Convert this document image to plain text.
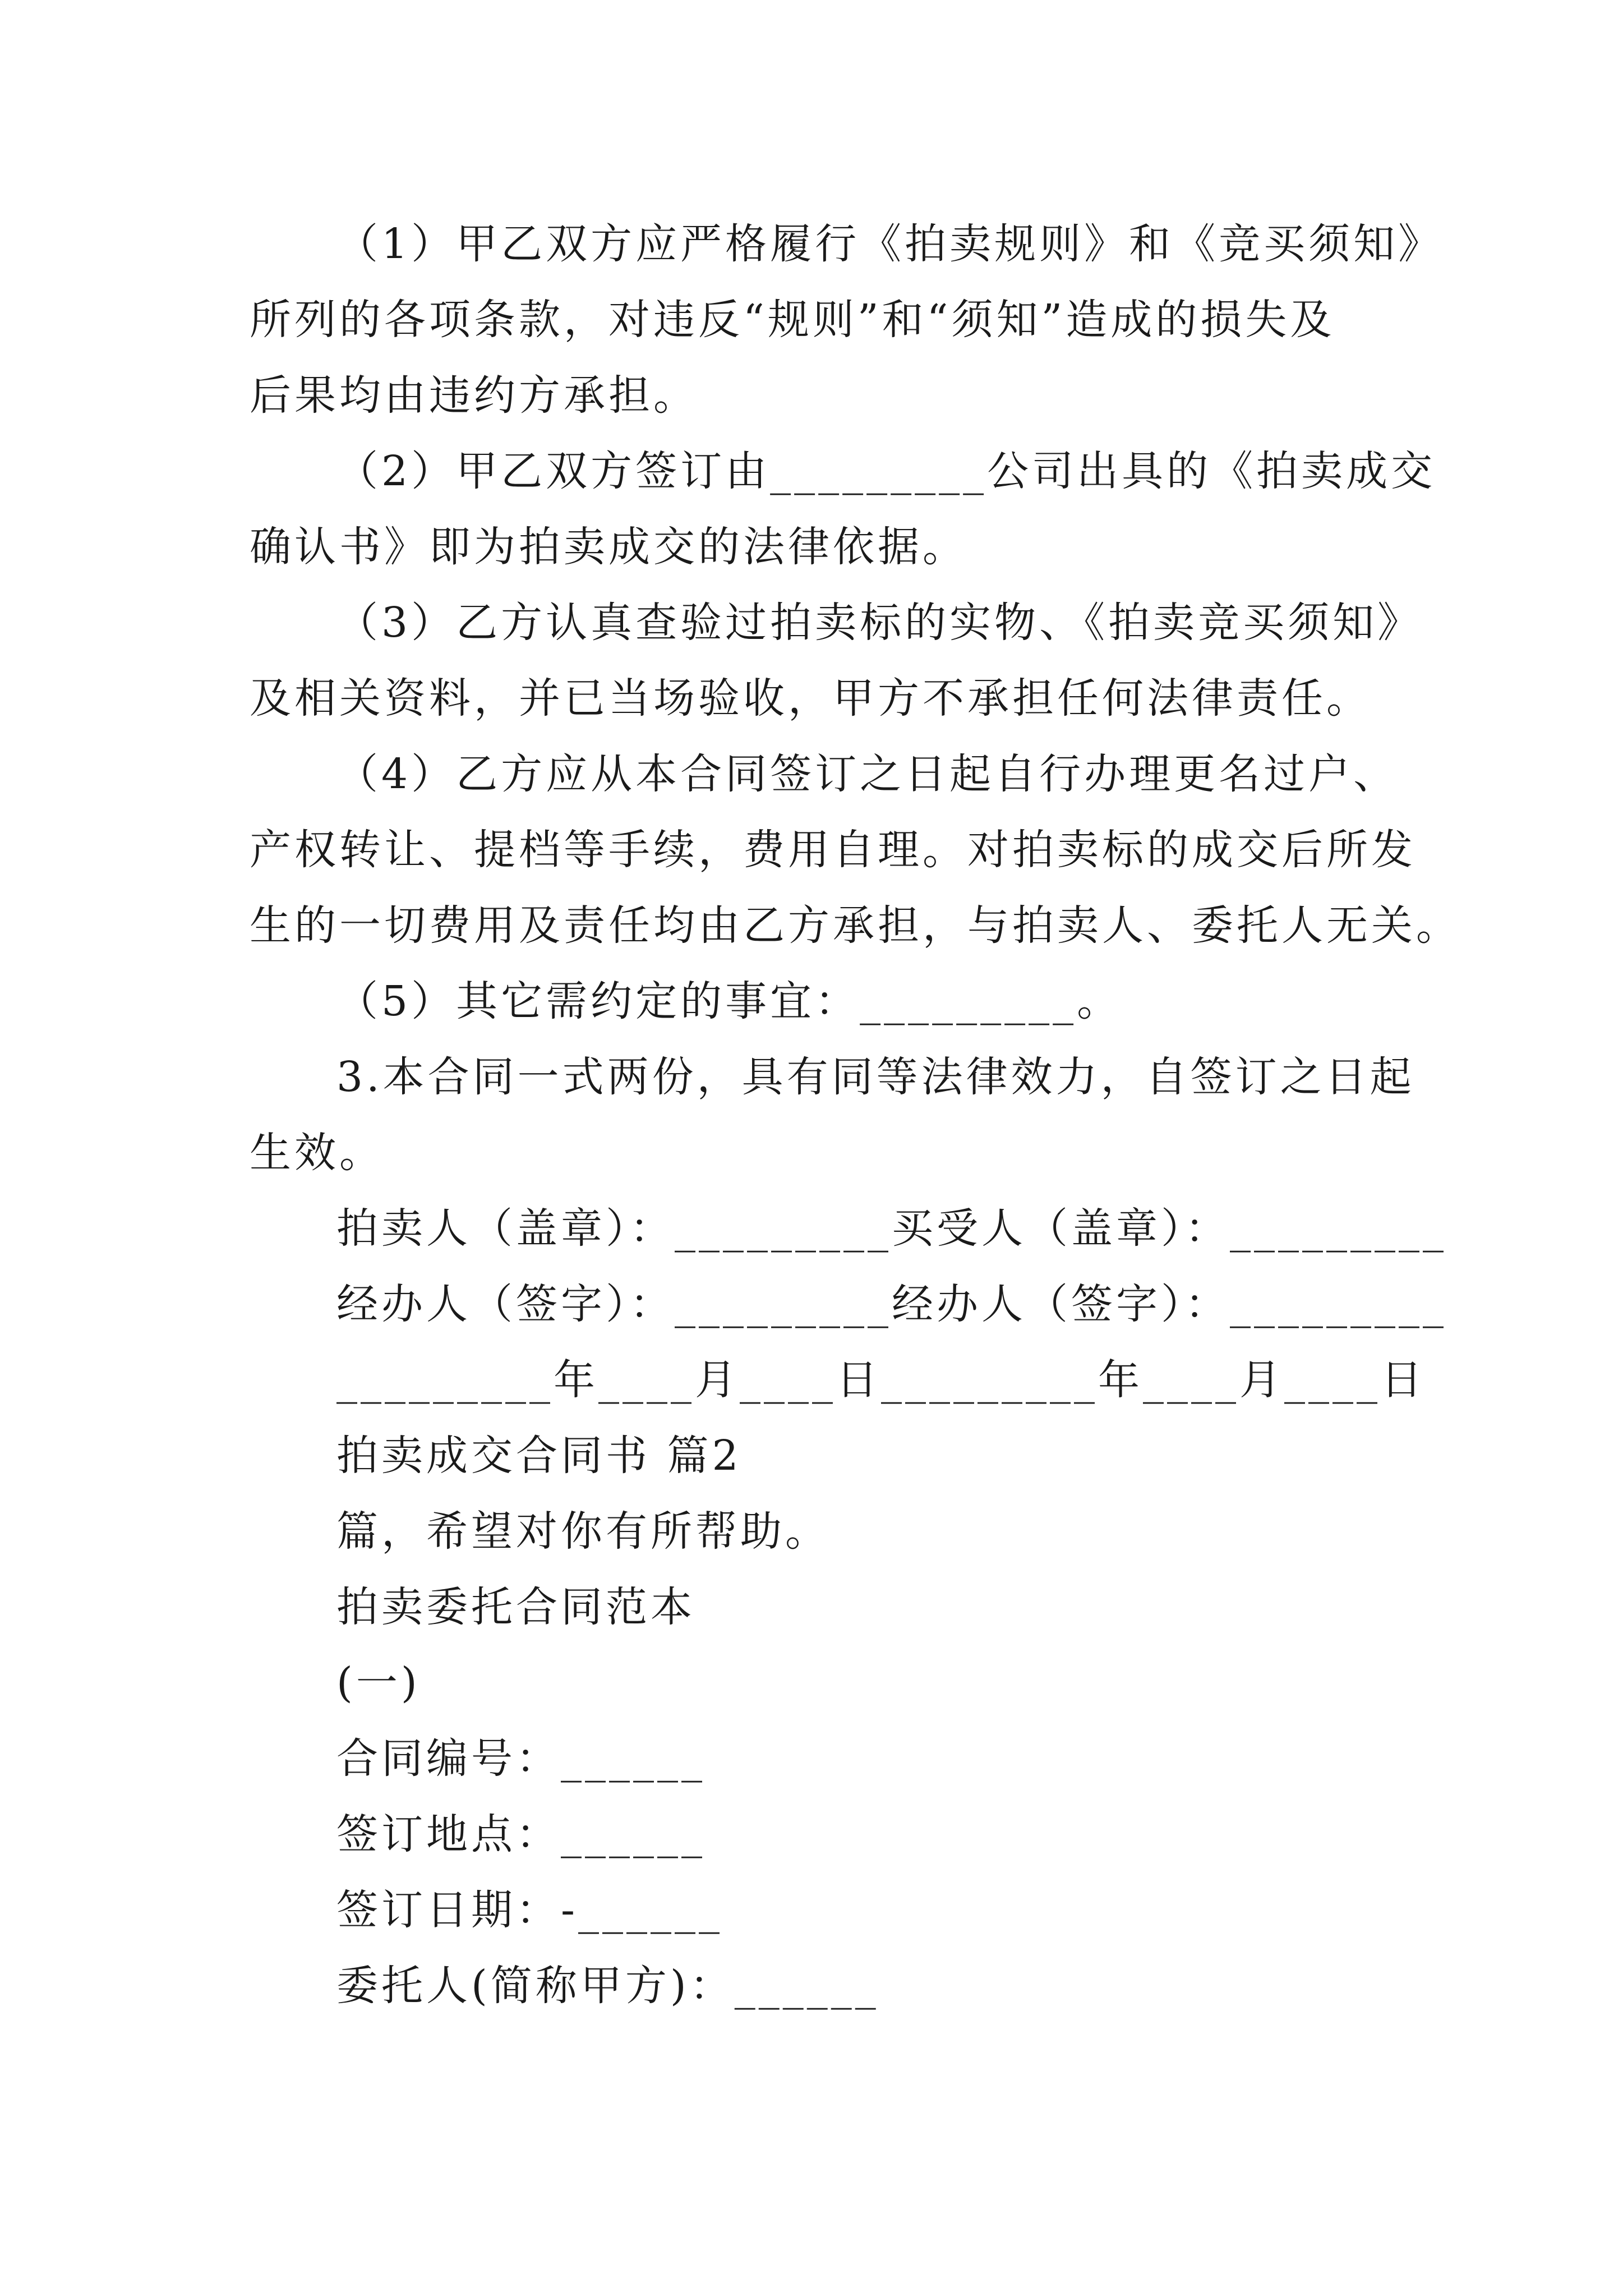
（1）甲乙双方应严格履行《拍卖规则》和《竞买须知》
所列的各项条款，对违反“规则”和“须知”造成的损失及
后果均由违约方承担。
（2）甲乙双方签订由_________公司出具的《拍卖成交
确认书》即为拍卖成交的法律依据。
（3）乙方认真查验过拍卖标的实物、《拍卖竞买须知》
及相关资料，并已当场验收，甲方不承担任何法律责任。
（4）乙方应从本合同签订之日起自行办理更名过户、
产权转让、提档等手续，费用自理。对拍卖标的成交后所发
生的一切费用及责任均由乙方承担，与拍卖人、委托人无关。
（5）其它需约定的事宜：_________。
3.本合同一式两份，具有同等法律效力，自签订之日起
生效。
拍卖人（盖章）：_________买受人（盖章）：_________
经办人（签字）：_________经办人（签字）：_________
_________年____月____日_________年____月____日
拍卖成交合同书 篇2
篇，希望对你有所帮助。
拍卖委托合同范本
(一)
合同编号：______
签订地点：______
签订日期：-______
委托人(简称甲方)：______
